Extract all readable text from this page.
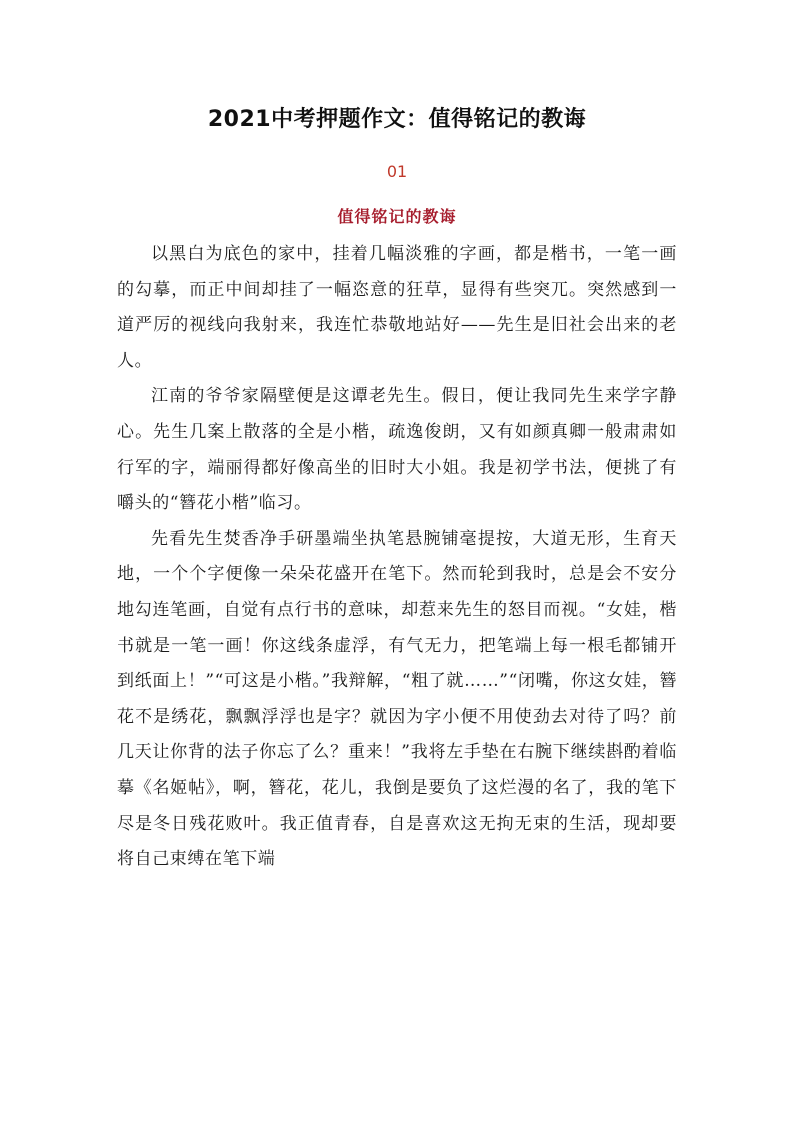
2021中考押题作文：值得铭记的教诲
01
值得铭记的教诲

以黑白为底色的家中，挂着几幅淡雅的字画，都是楷书，一笔一画的勾摹，而正中间却挂了一幅恣意的狂草，显得有些突兀。突然感到一道严厉的视线向我射来，我连忙恭敬地站好——先生是旧社会出来的老人。

江南的爷爷家隔壁便是这谭老先生。假日，便让我同先生来学字静心。先生几案上散落的全是小楷，疏逸俊朗，又有如颜真卿一般肃肃如行军的字，端丽得都好像高坐的旧时大小姐。我是初学书法，便挑了有嚼头的“簪花小楷”临习。

先看先生焚香净手研墨端坐执笔悬腕铺毫提按，大道无形，生育天地，一个个字便像一朵朵花盛开在笔下。然而轮到我时，总是会不安分地勾连笔画，自觉有点行书的意味，却惹来先生的怒目而视。“女娃，楷书就是一笔一画！你这线条虚浮，有气无力，把笔端上每一根毛都铺开到纸面上！”“可这是小楷。”我辩解，“粗了就……”“闭嘴，你这女娃，簪花不是绣花，飘飘浮浮也是字？就因为字小便不用使劲去对待了吗？前几天让你背的法子你忘了么？重来！”我将左手垫在右腕下继续斟酌着临摹《名姬帖》，啊，簪花，花儿，我倒是要负了这烂漫的名了，我的笔下尽是冬日残花败叶。我正值青春，自是喜欢这无拘无束的生活，现却要将自己束缚在笔下端
